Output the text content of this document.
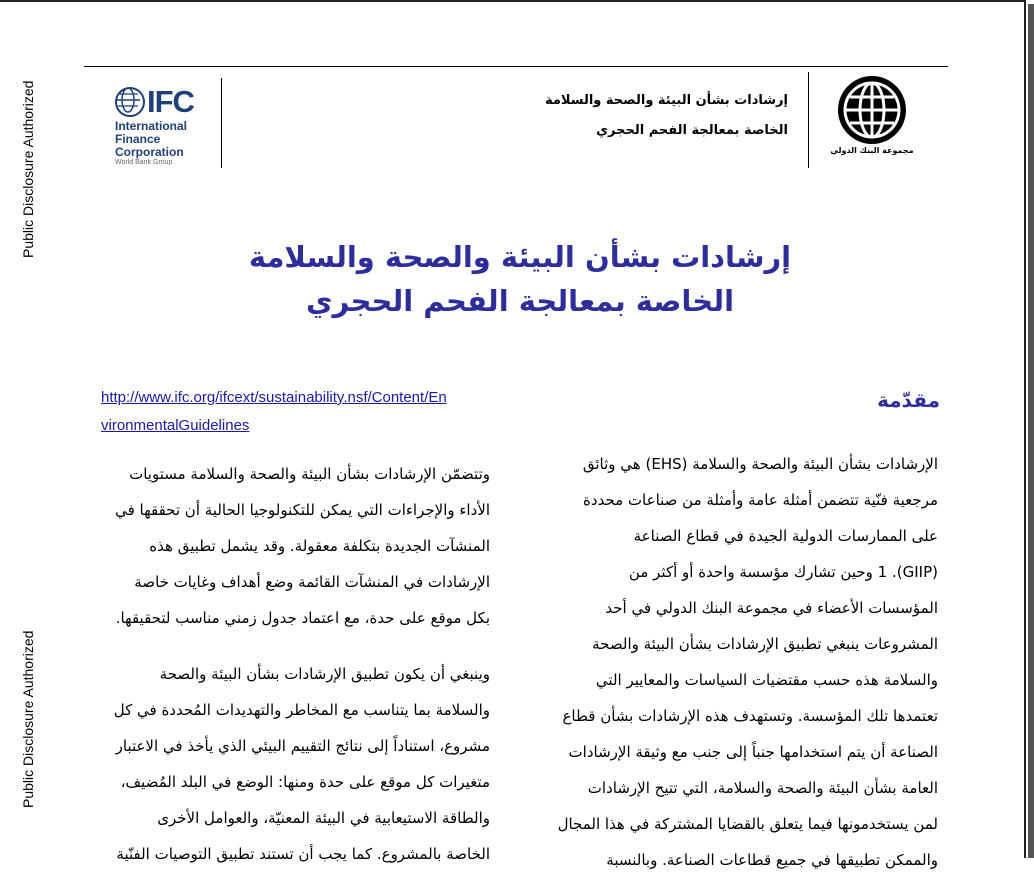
IFC
International
Finance
Corporation
World Bank Group
إرشادات بشأن البيئة والصحة والسلامة
الخاصة بمعالجة الفحم الحجري
مجموعة البنك الدولي
إرشادات بشأن البيئة والصحة والسلامة
الخاصة بمعالجة الفحم الحجري
مقدّمة
http://www.ifc.org/ifcext/sustainability.nsf/Content/En
vironmentalGuidelines
الإرشادات بشأن البيئة والصحة والسلامة (EHS) هي وثائق
مرجعية فنّية تتضمن أمثلة عامة وأمثلة من صناعات محددة
على الممارسات الدولية الجيدة في قطاع الصناعة
(GIIP). 1 وحين تشارك مؤسسة واحدة أو أكثر من
المؤسسات الأعضاء في مجموعة البنك الدولي في أحد
المشروعات ينبغي تطبيق الإرشادات بشأن البيئة والصحة
والسلامة هذه حسب مقتضيات السياسات والمعايير التي
تعتمدها تلك المؤسسة. وتستهدف هذه الإرشادات بشأن قطاع
الصناعة أن يتم استخدامها جنباً إلى جنب مع وثيقة الإرشادات
العامة بشأن البيئة والصحة والسلامة، التي تتيح الإرشادات
لمن يستخدمونها فيما يتعلق بالقضايا المشتركة في هذا المجال
والممكن تطبيقها في جميع قطاعات الصناعة. وبالنسبة
وتتضمّن الإرشادات بشأن البيئة والصحة والسلامة مستويات
الأداء والإجراءات التي يمكن للتكنولوجيا الحالية أن تحققها في
المنشآت الجديدة بتكلفة معقولة. وقد يشمل تطبيق هذه
الإرشادات في المنشآت القائمة وضع أهداف وغايات خاصة
بكل موقع على حدة، مع اعتماد جدول زمني مناسب لتحقيقها.
وينبغي أن يكون تطبيق الإرشادات بشأن البيئة والصحة
والسلامة بما يتناسب مع المخاطر والتهديدات المُحددة في كل
مشروع، استناداً إلى نتائج التقييم البيئي الذي يأخذ في الاعتبار
متغيرات كل موقع على حدة ومنها: الوضع في البلد المُضيف،
والطاقة الاستيعابية في البيئة المعنيّة، والعوامل الأخرى
الخاصة بالمشروع. كما يجب أن تستند تطبيق التوصيات الفنّية
